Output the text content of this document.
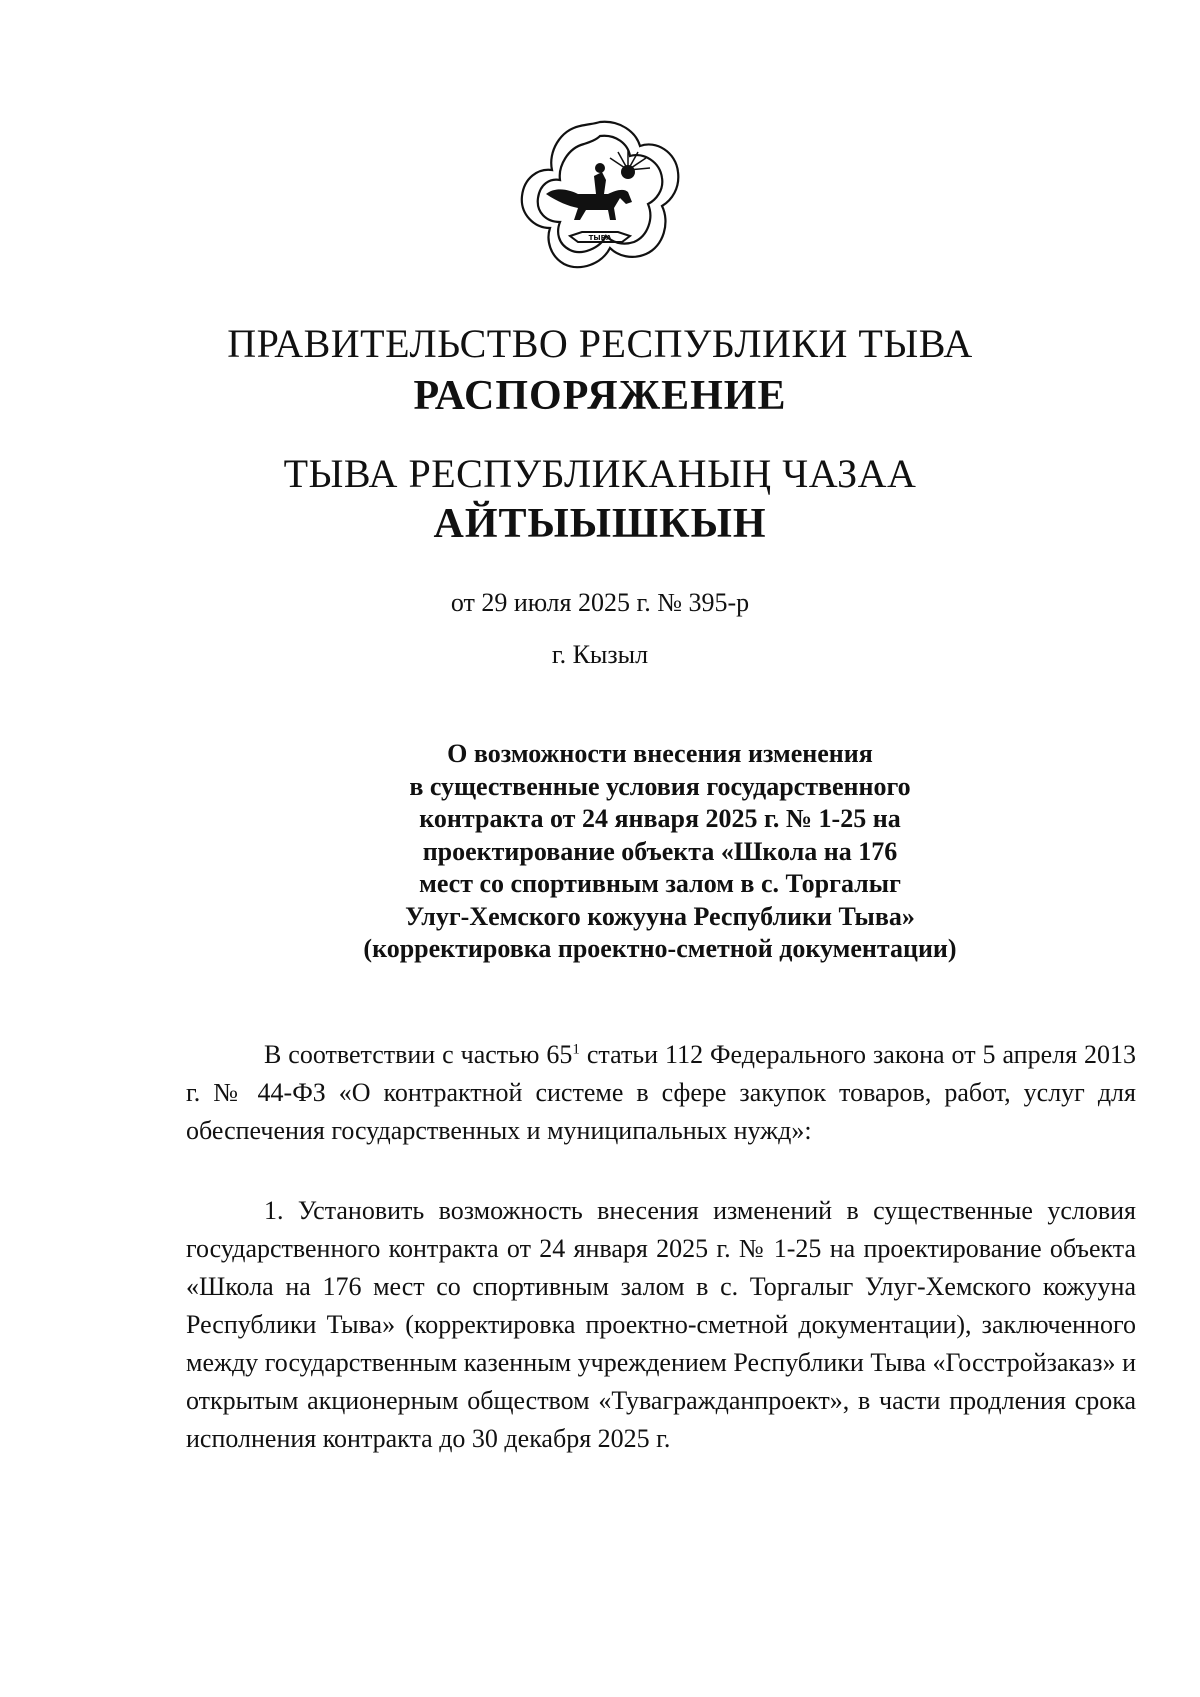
ТЫВА
ПРАВИТЕЛЬСТВО РЕСПУБЛИКИ ТЫВА
РАСПОРЯЖЕНИЕ
ТЫВА РЕСПУБЛИКАНЫҢ ЧАЗАА
АЙТЫЫШКЫН
от 29 июля 2025 г. № 395-р
г. Кызыл
О возможности внесения изменения
в существенные условия государственного
контракта от 24 января 2025 г. № 1-25 на
проектирование объекта «Школа на 176
мест со спортивным залом в с. Торгалыг
Улуг-Хемского кожууна Республики Тыва»
(корректировка проектно-сметной документации)
В соответствии с частью $65^1$ статьи 112 Федерального закона от 5 апреля 2013 г. № 44-ФЗ «О контрактной системе в сфере закупок товаров, работ, услуг для обеспечения государственных и муниципальных нужд»:
1. Установить возможность внесения изменений в существенные условия государственного контракта от 24 января 2025 г. № 1-25 на проектирование объекта «Школа на 176 мест со спортивным залом в с. Торгалыг Улуг-Хемского кожууна Республики Тыва» (корректировка проектно-сметной документации), заключенного между государственным казенным учреждением Республики Тыва «Госстройзаказ» и открытым акционерным обществом «Тувагражданпроект», в части продления срока исполнения контракта до 30 декабря 2025 г.
